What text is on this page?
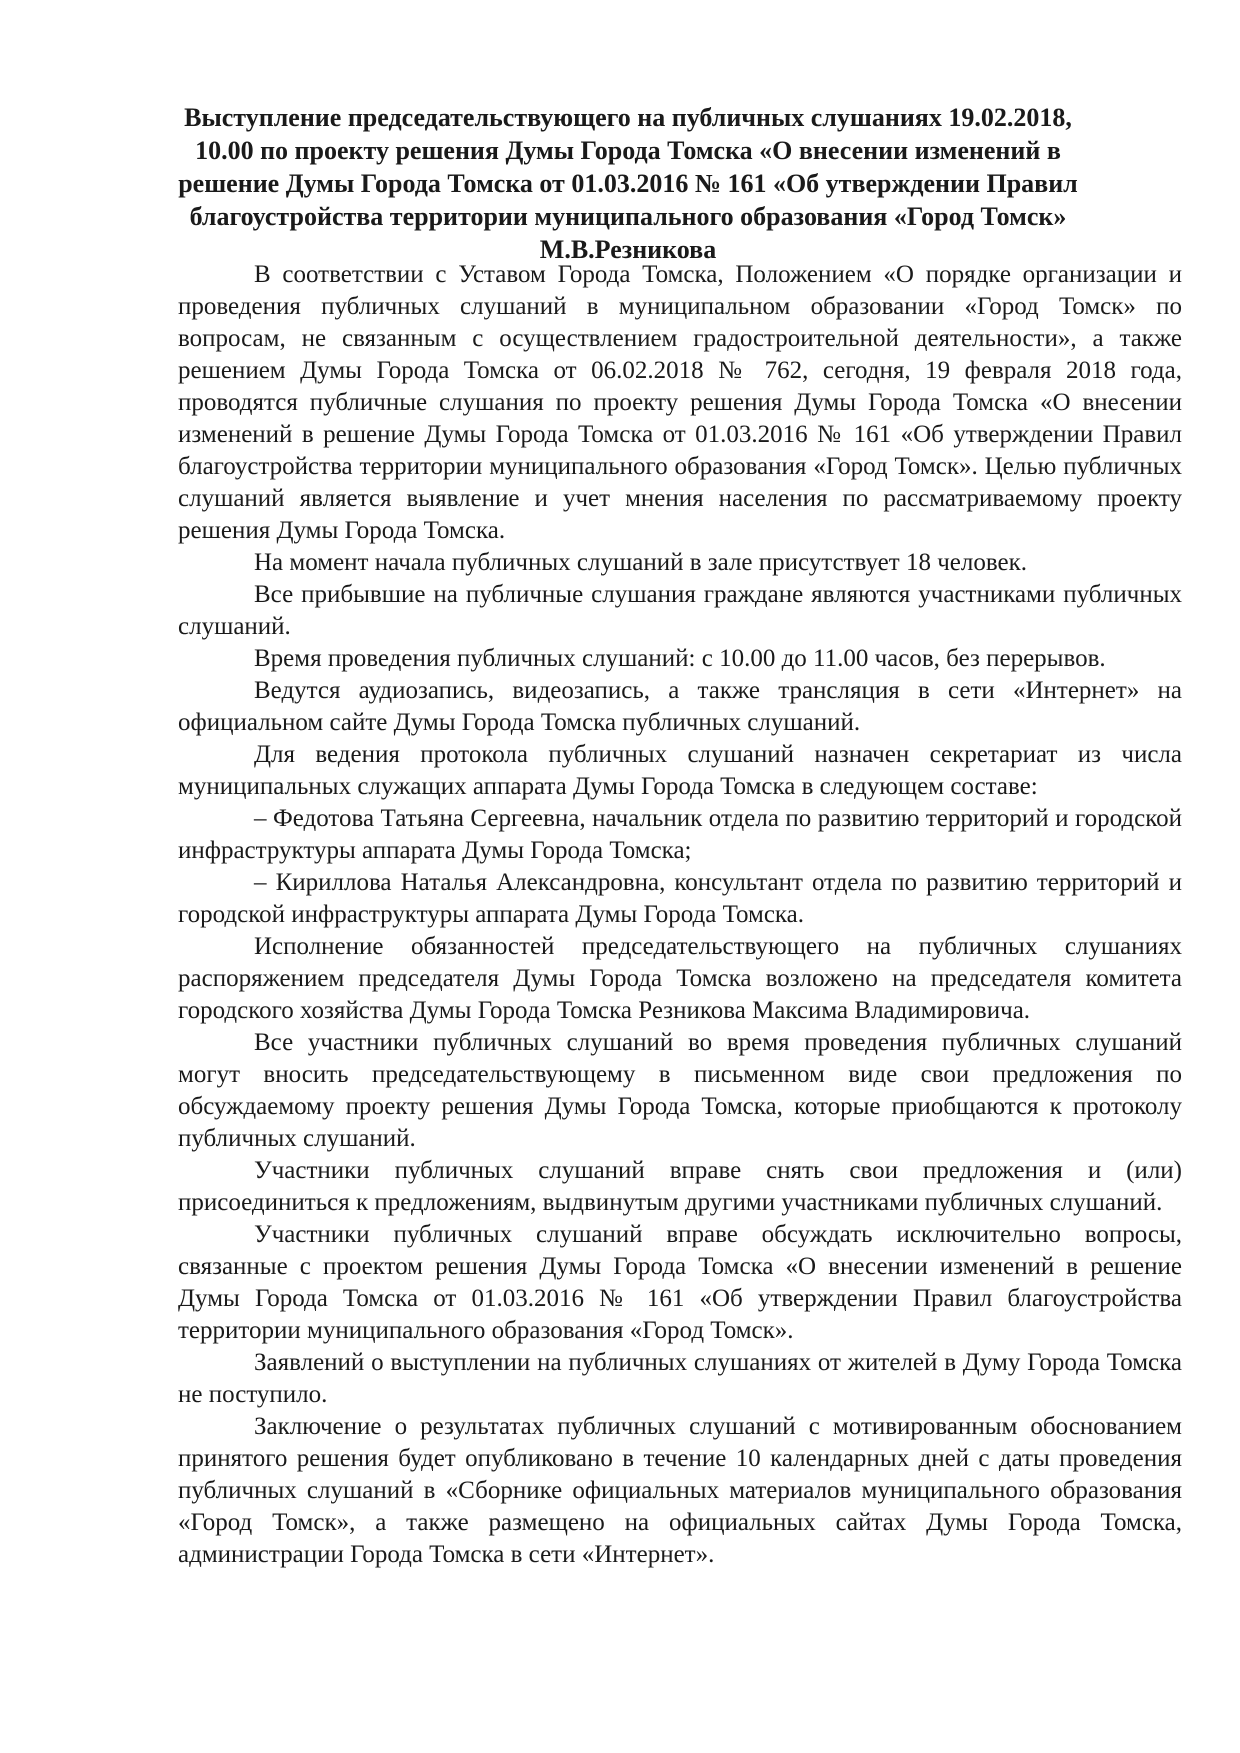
Выступление председательствующего на публичных слушаниях 19.02.2018, 10.00 по проекту решения Думы Города Томска «О внесении изменений в решение Думы Города Томска от 01.03.2016 № 161 «Об утверждении Правил благоустройства территории муниципального образования «Город Томск» М.В.Резникова

В соответствии с Уставом Города Томска, Положением «О порядке организации и проведения публичных слушаний в муниципальном образовании «Город Томск» по вопросам, не связанным с осуществлением градостроительной деятельности», а также решением Думы Города Томска от 06.02.2018 № 762, сегодня, 19 февраля 2018 года, проводятся публичные слушания по проекту решения Думы Города Томска «О внесении изменений в решение Думы Города Томска от 01.03.2016 № 161 «Об утверждении Правил благоустройства территории муниципального образования «Город Томск». Целью публичных слушаний является выявление и учет мнения населения по рассматриваемому проекту решения Думы Города Томска.

На момент начала публичных слушаний в зале присутствует 18 человек.

Все прибывшие на публичные слушания граждане являются участниками публичных слушаний.

Время проведения публичных слушаний: с 10.00 до 11.00 часов, без перерывов.

Ведутся аудиозапись, видеозапись, а также трансляция в сети «Интернет» на официальном сайте Думы Города Томска публичных слушаний.

Для ведения протокола публичных слушаний назначен секретариат из числа муниципальных служащих аппарата Думы Города Томска в следующем составе:

– Федотова Татьяна Сергеевна, начальник отдела по развитию территорий и городской инфраструктуры аппарата Думы Города Томска;

– Кириллова Наталья Александровна, консультант отдела по развитию территорий и городской инфраструктуры аппарата Думы Города Томска.

Исполнение обязанностей председательствующего на публичных слушаниях распоряжением председателя Думы Города Томска возложено на председателя комитета городского хозяйства Думы Города Томска Резникова Максима Владимировича.

Все участники публичных слушаний во время проведения публичных слушаний могут вносить председательствующему в письменном виде свои предложения по обсуждаемому проекту решения Думы Города Томска, которые приобщаются к протоколу публичных слушаний.

Участники публичных слушаний вправе снять свои предложения и (или) присоединиться к предложениям, выдвинутым другими участниками публичных слушаний.

Участники публичных слушаний вправе обсуждать исключительно вопросы, связанные с проектом решения Думы Города Томска «О внесении изменений в решение Думы Города Томска от 01.03.2016 № 161 «Об утверждении Правил благоустройства территории муниципального образования «Город Томск».

Заявлений о выступлении на публичных слушаниях от жителей в Думу Города Томска не поступило.

Заключение о результатах публичных слушаний с мотивированным обоснованием принятого решения будет опубликовано в течение 10 календарных дней с даты проведения публичных слушаний в «Сборнике официальных материалов муниципального образования «Город Томск», а также размещено на официальных сайтах Думы Города Томска, администрации Города Томска в сети «Интернет».
